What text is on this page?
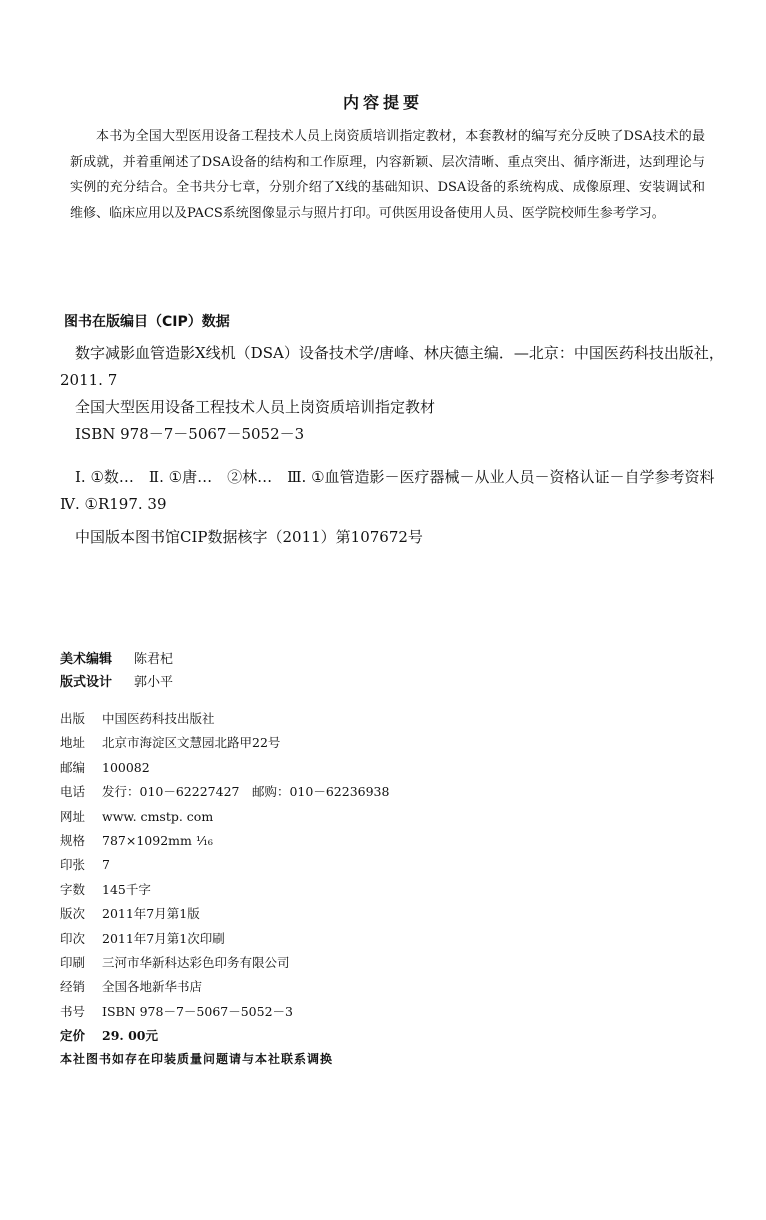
内容提要
本书为全国大型医用设备工程技术人员上岗资质培训指定教材，本套教材的编写充分反映了DSA技术的最新成就，并着重阐述了DSA设备的结构和工作原理，内容新颖、层次清晰、重点突出、循序渐进，达到理论与实例的充分结合。全书共分七章，分别介绍了X线的基础知识、DSA设备的系统构成、成像原理、安装调试和维修、临床应用以及PACS系统图像显示与照片打印。可供医用设备使用人员、医学院校师生参考学习。
图书在版编目（CIP）数据

数字减影血管造影X线机（DSA）设备技术学/唐峰、林庆德主编．—北京：中国医药科技出版社，2011. 7

全国大型医用设备工程技术人员上岗资质培训指定教材

ISBN 978－7－5067－5052－3

Ⅰ. ①数…　Ⅱ. ①唐…　②林…　Ⅲ. ①血管造影－医疗器械－从业人员－资格认证－自学参考资料　Ⅳ. ①R197. 39

中国版本图书馆CIP数据核字（2011）第107672号

美术编辑	陈君杞
版式设计	郭小平
出版	中国医药科技出版社
地址	北京市海淀区文慧园北路甲22号
邮编	100082
电话	发行：010－62227427　邮购：010－62236938
网址	www. cmstp. com
规格	787×1092mm ⅟₁₆
印张	7
字数	145千字
版次	2011年7月第1版
印次	2011年7月第1次印刷
印刷	三河市华新科达彩色印务有限公司
经销	全国各地新华书店
书号	ISBN 978－7－5067－5052－3
定价	29. 00元
本社图书如存在印装质量问题请与本社联系调换
